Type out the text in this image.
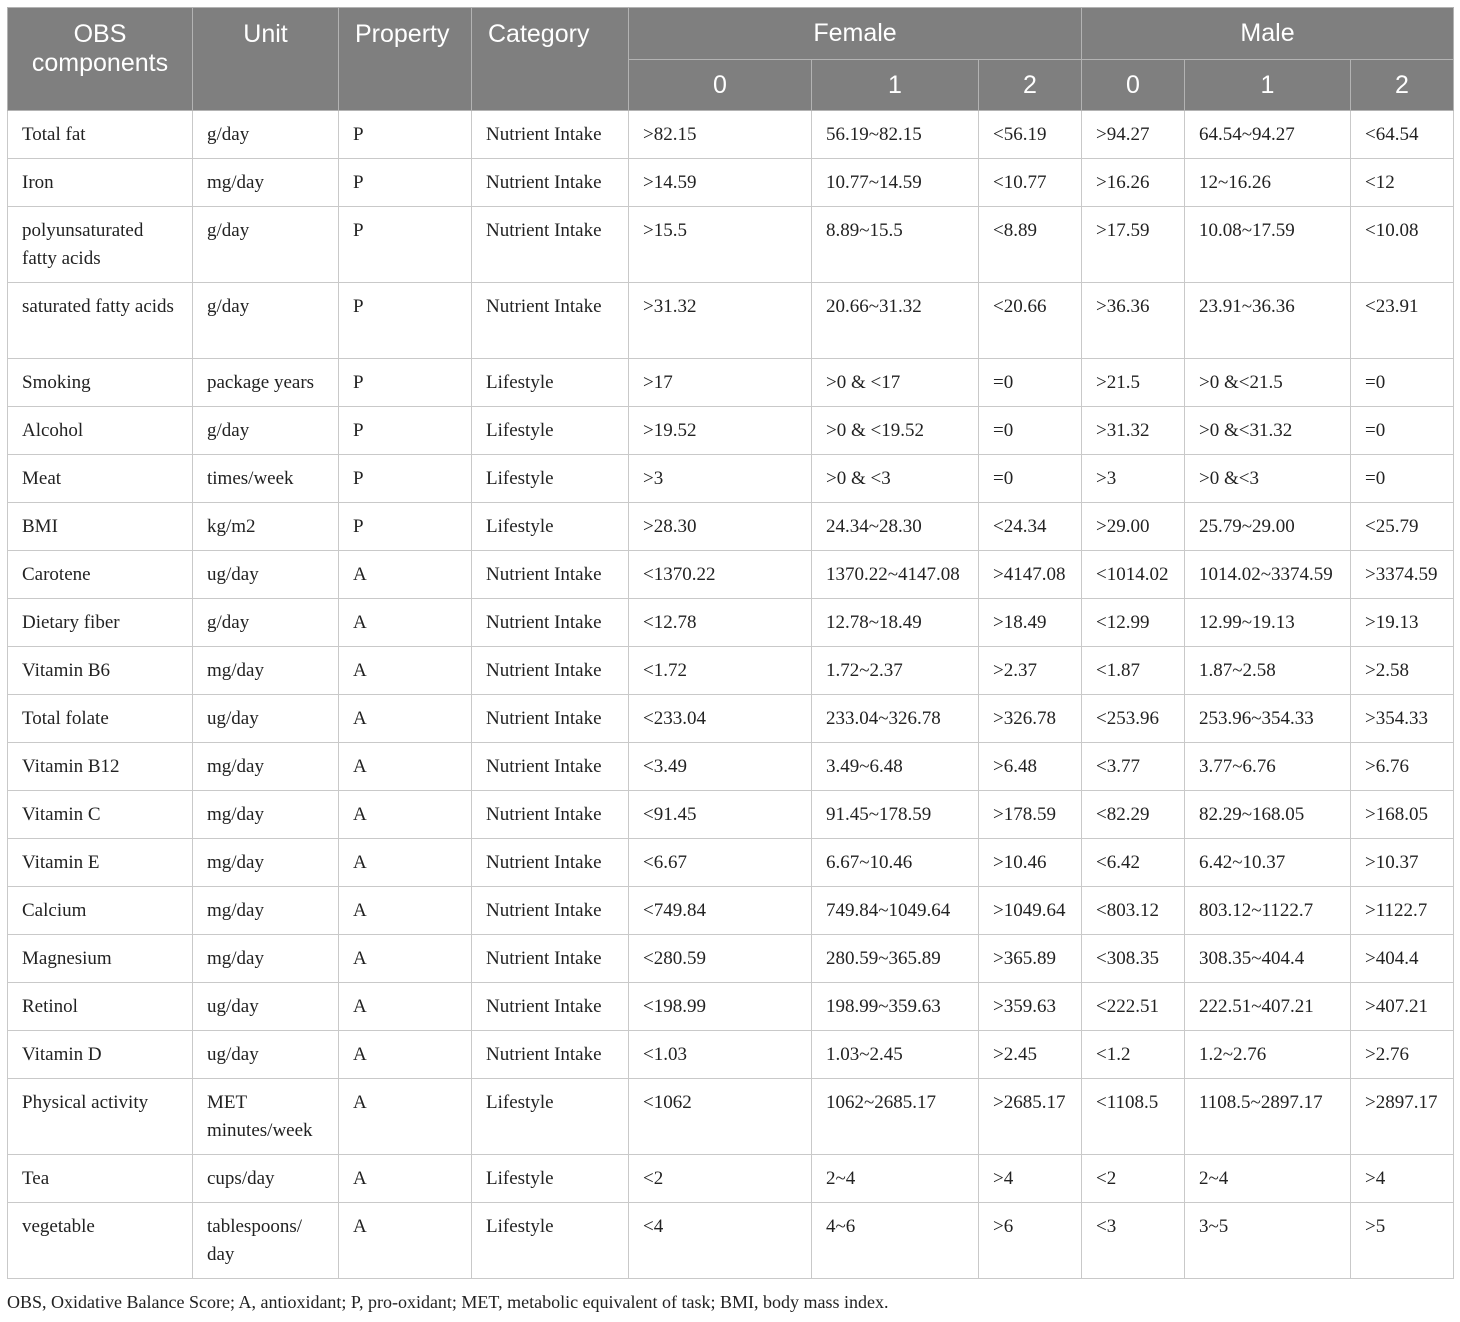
OBS components	Unit	Property	Category	Female			Male		
				0	1	2	0	1	2
Total fat	g/day	P	Nutrient Intake	>82.15	56.19~82.15	<56.19	>94.27	64.54~94.27	<64.54
Iron	mg/day	P	Nutrient Intake	>14.59	10.77~14.59	<10.77	>16.26	12~16.26	<12
polyunsaturated fatty acids	g/day	P	Nutrient Intake	>15.5	8.89~15.5	<8.89	>17.59	10.08~17.59	<10.08
saturated fatty acids	g/day	P	Nutrient Intake	>31.32	20.66~31.32	<20.66	>36.36	23.91~36.36	<23.91
Smoking	package years	P	Lifestyle	>17	>0 & <17	=0	>21.5	>0 &<21.5	=0
Alcohol	g/day	P	Lifestyle	>19.52	>0 & <19.52	=0	>31.32	>0 &<31.32	=0
Meat	times/week	P	Lifestyle	>3	>0 & <3	=0	>3	>0 &<3	=0
BMI	kg/m2	P	Lifestyle	>28.30	24.34~28.30	<24.34	>29.00	25.79~29.00	<25.79
Carotene	ug/day	A	Nutrient Intake	<1370.22	1370.22~4147.08	>4147.08	<1014.02	1014.02~3374.59	>3374.59
Dietary fiber	g/day	A	Nutrient Intake	<12.78	12.78~18.49	>18.49	<12.99	12.99~19.13	>19.13
Vitamin B6	mg/day	A	Nutrient Intake	<1.72	1.72~2.37	>2.37	<1.87	1.87~2.58	>2.58
Total folate	ug/day	A	Nutrient Intake	<233.04	233.04~326.78	>326.78	<253.96	253.96~354.33	>354.33
Vitamin B12	mg/day	A	Nutrient Intake	<3.49	3.49~6.48	>6.48	<3.77	3.77~6.76	>6.76
Vitamin C	mg/day	A	Nutrient Intake	<91.45	91.45~178.59	>178.59	<82.29	82.29~168.05	>168.05
Vitamin E	mg/day	A	Nutrient Intake	<6.67	6.67~10.46	>10.46	<6.42	6.42~10.37	>10.37
Calcium	mg/day	A	Nutrient Intake	<749.84	749.84~1049.64	>1049.64	<803.12	803.12~1122.7	>1122.7
Magnesium	mg/day	A	Nutrient Intake	<280.59	280.59~365.89	>365.89	<308.35	308.35~404.4	>404.4
Retinol	ug/day	A	Nutrient Intake	<198.99	198.99~359.63	>359.63	<222.51	222.51~407.21	>407.21
Vitamin D	ug/day	A	Nutrient Intake	<1.03	1.03~2.45	>2.45	<1.2	1.2~2.76	>2.76
Physical activity	MET minutes/week	A	Lifestyle	<1062	1062~2685.17	>2685.17	<1108.5	1108.5~2897.17	>2897.17
Tea	cups/day	A	Lifestyle	<2	2~4	>4	<2	2~4	>4
vegetable	tablespoons/ day	A	Lifestyle	<4	4~6	>6	<3	3~5	>5
OBS, Oxidative Balance Score; A, antioxidant; P, pro-oxidant; MET, metabolic equivalent of task; BMI, body mass index.
